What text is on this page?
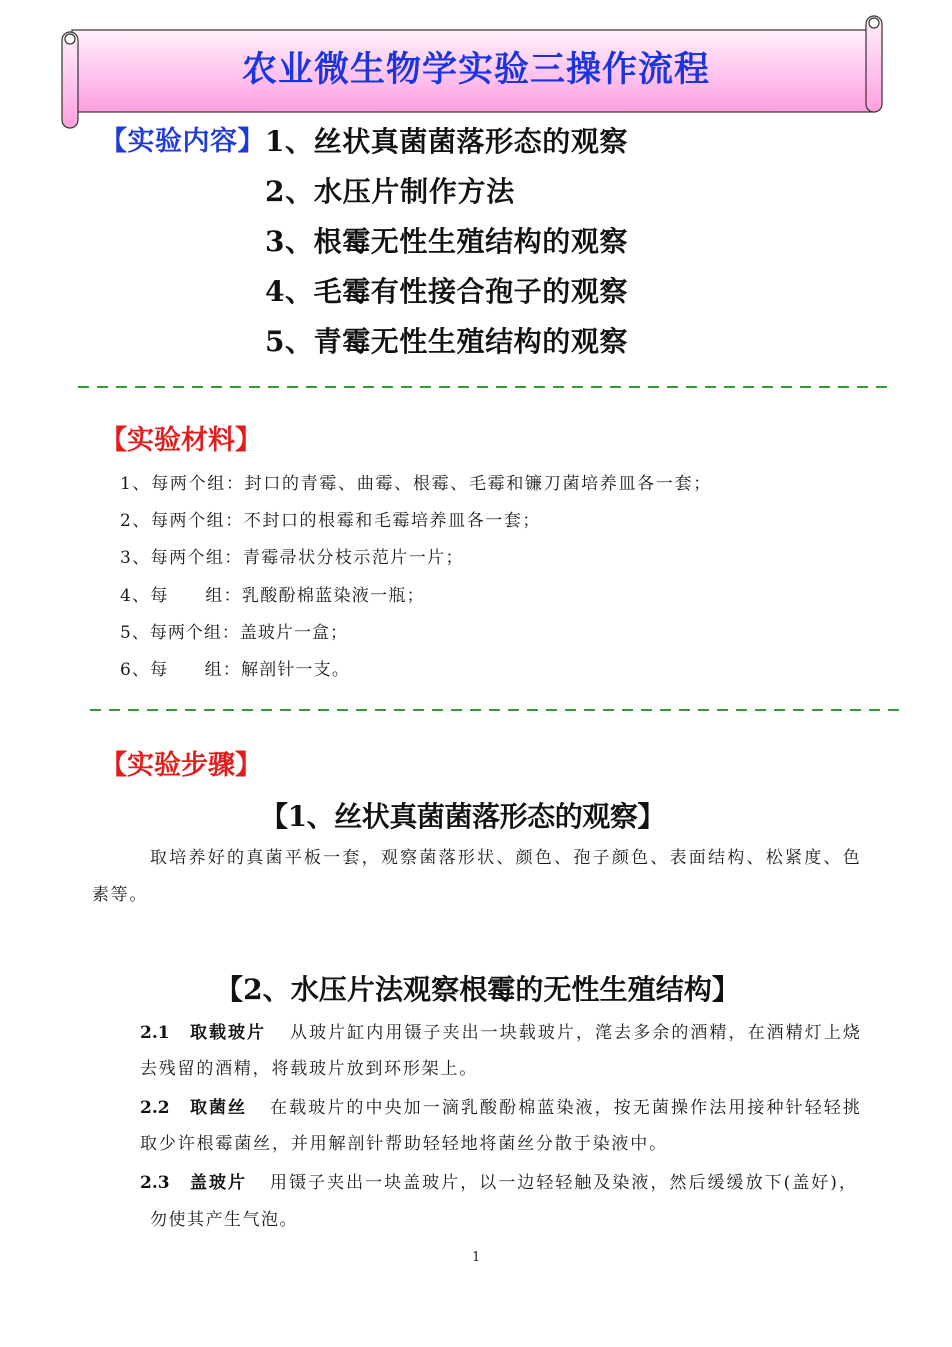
农业微生物学实验三操作流程
【实验内容】 1、丝状真菌菌落形态的观察
2、水压片制作方法
3、根霉无性生殖结构的观察
4、毛霉有性接合孢子的观察
5、青霉无性生殖结构的观察
【实验材料】
1、每两个组：封口的青霉、曲霉、根霉、毛霉和镰刀菌培养皿各一套；
2、每两个组：不封口的根霉和毛霉培养皿各一套；
3、每两个组：青霉帚状分枝示范片一片；
4、每　　组：乳酸酚棉蓝染液一瓶；
5、每两个组：盖玻片一盒；
6、每　　组：解剖针一支。
【实验步骤】
【1、丝状真菌菌落形态的观察】
取培养好的真菌平板一套，观察菌落形状、颜色、孢子颜色、表面结构、松紧度、色
素等。
【2、水压片法观察根霉的无性生殖结构】
2.1 取载玻片 从玻片缸内用镊子夹出一块载玻片，滗去多余的酒精，在酒精灯上烧
去残留的酒精，将载玻片放到环形架上。
2.2 取菌丝 在载玻片的中央加一滴乳酸酚棉蓝染液，按无菌操作法用接种针轻轻挑
取少许根霉菌丝，并用解剖针帮助轻轻地将菌丝分散于染液中。
2.3 盖玻片 用镊子夹出一块盖玻片，以一边轻轻触及染液，然后缓缓放下(盖好)，
勿使其产生气泡。
1
